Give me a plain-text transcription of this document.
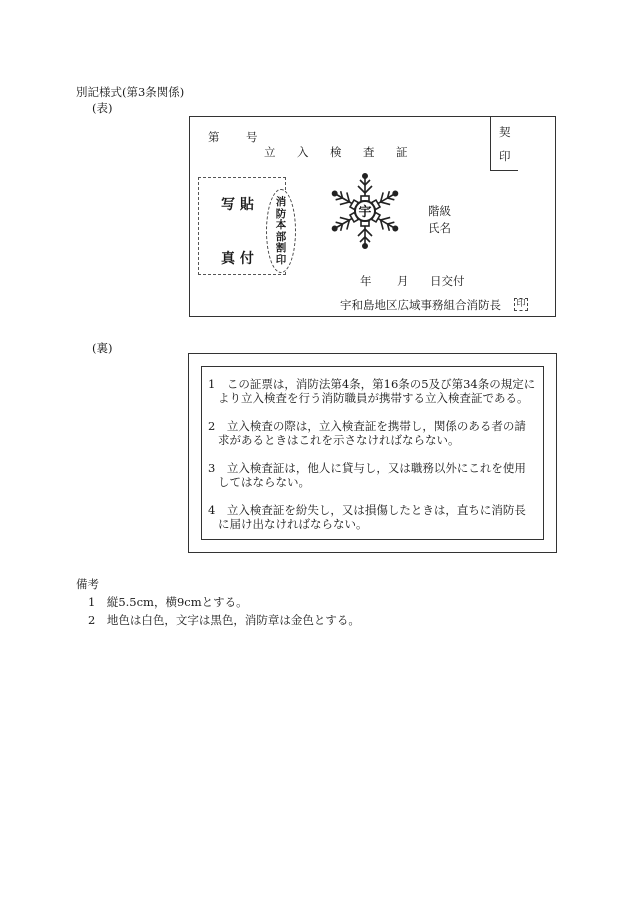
別記様式(第3条関係)
(表)
第 号
立 入 検 査 証
契
印
写 貼
真 付
消
防
本
部
割
印
宇	階級
氏名
年 月 日交付
宇和島地区広域事務組合消防長 印
(裏)
1　この証票は，消防法第4条，第16条の5及び第34条の規定に
より立入検査を行う消防職員が携帯する立入検査証である。
2　立入検査の際は，立入検査証を携帯し，関係のある者の請
求があるときはこれを示さなければならない。
3　立入検査証は，他人に貸与し，又は職務以外にこれを使用
してはならない。
4　立入検査証を紛失し，又は損傷したときは，直ちに消防長
に届け出なければならない。
備考
1　縦5.5cm，横9cmとする。
2　地色は白色，文字は黒色，消防章は金色とする。
